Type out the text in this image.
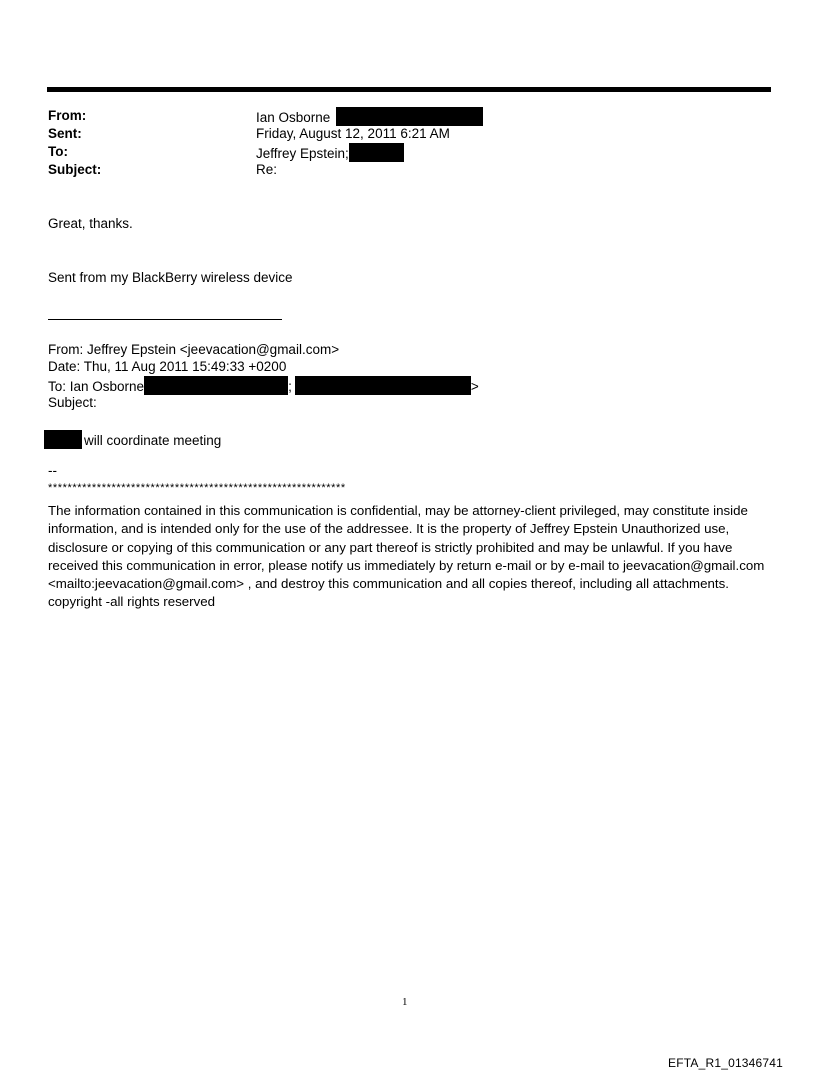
From:	Ian Osborne
Sent:	Friday, August 12, 2011 6:21 AM
To:	Jeffrey Epstein;
Subject:	Re:
Great, thanks.
Sent from my BlackBerry wireless device
From: Jeffrey Epstein <jeevacation@gmail.com>
Date: Thu, 11 Aug 2011 15:49:33 +0200
To: Ian Osborne	;	>
Subject:
will coordinate meeting
--
*************************************************************
The information contained in this communication is confidential, may be attorney-client privileged, may constitute inside information, and is intended only for the use of the addressee. It is the property of Jeffrey Epstein Unauthorized use, disclosure or copying of this communication or any part thereof is strictly prohibited and may be unlawful. If you have received this communication in error, please notify us immediately by return e-mail or by e-mail to jeevacation@gmail.com <mailto:jeevacation@gmail.com> , and destroy this communication and all copies thereof, including all attachments. copyright -all rights reserved
1
EFTA_R1_01346741
